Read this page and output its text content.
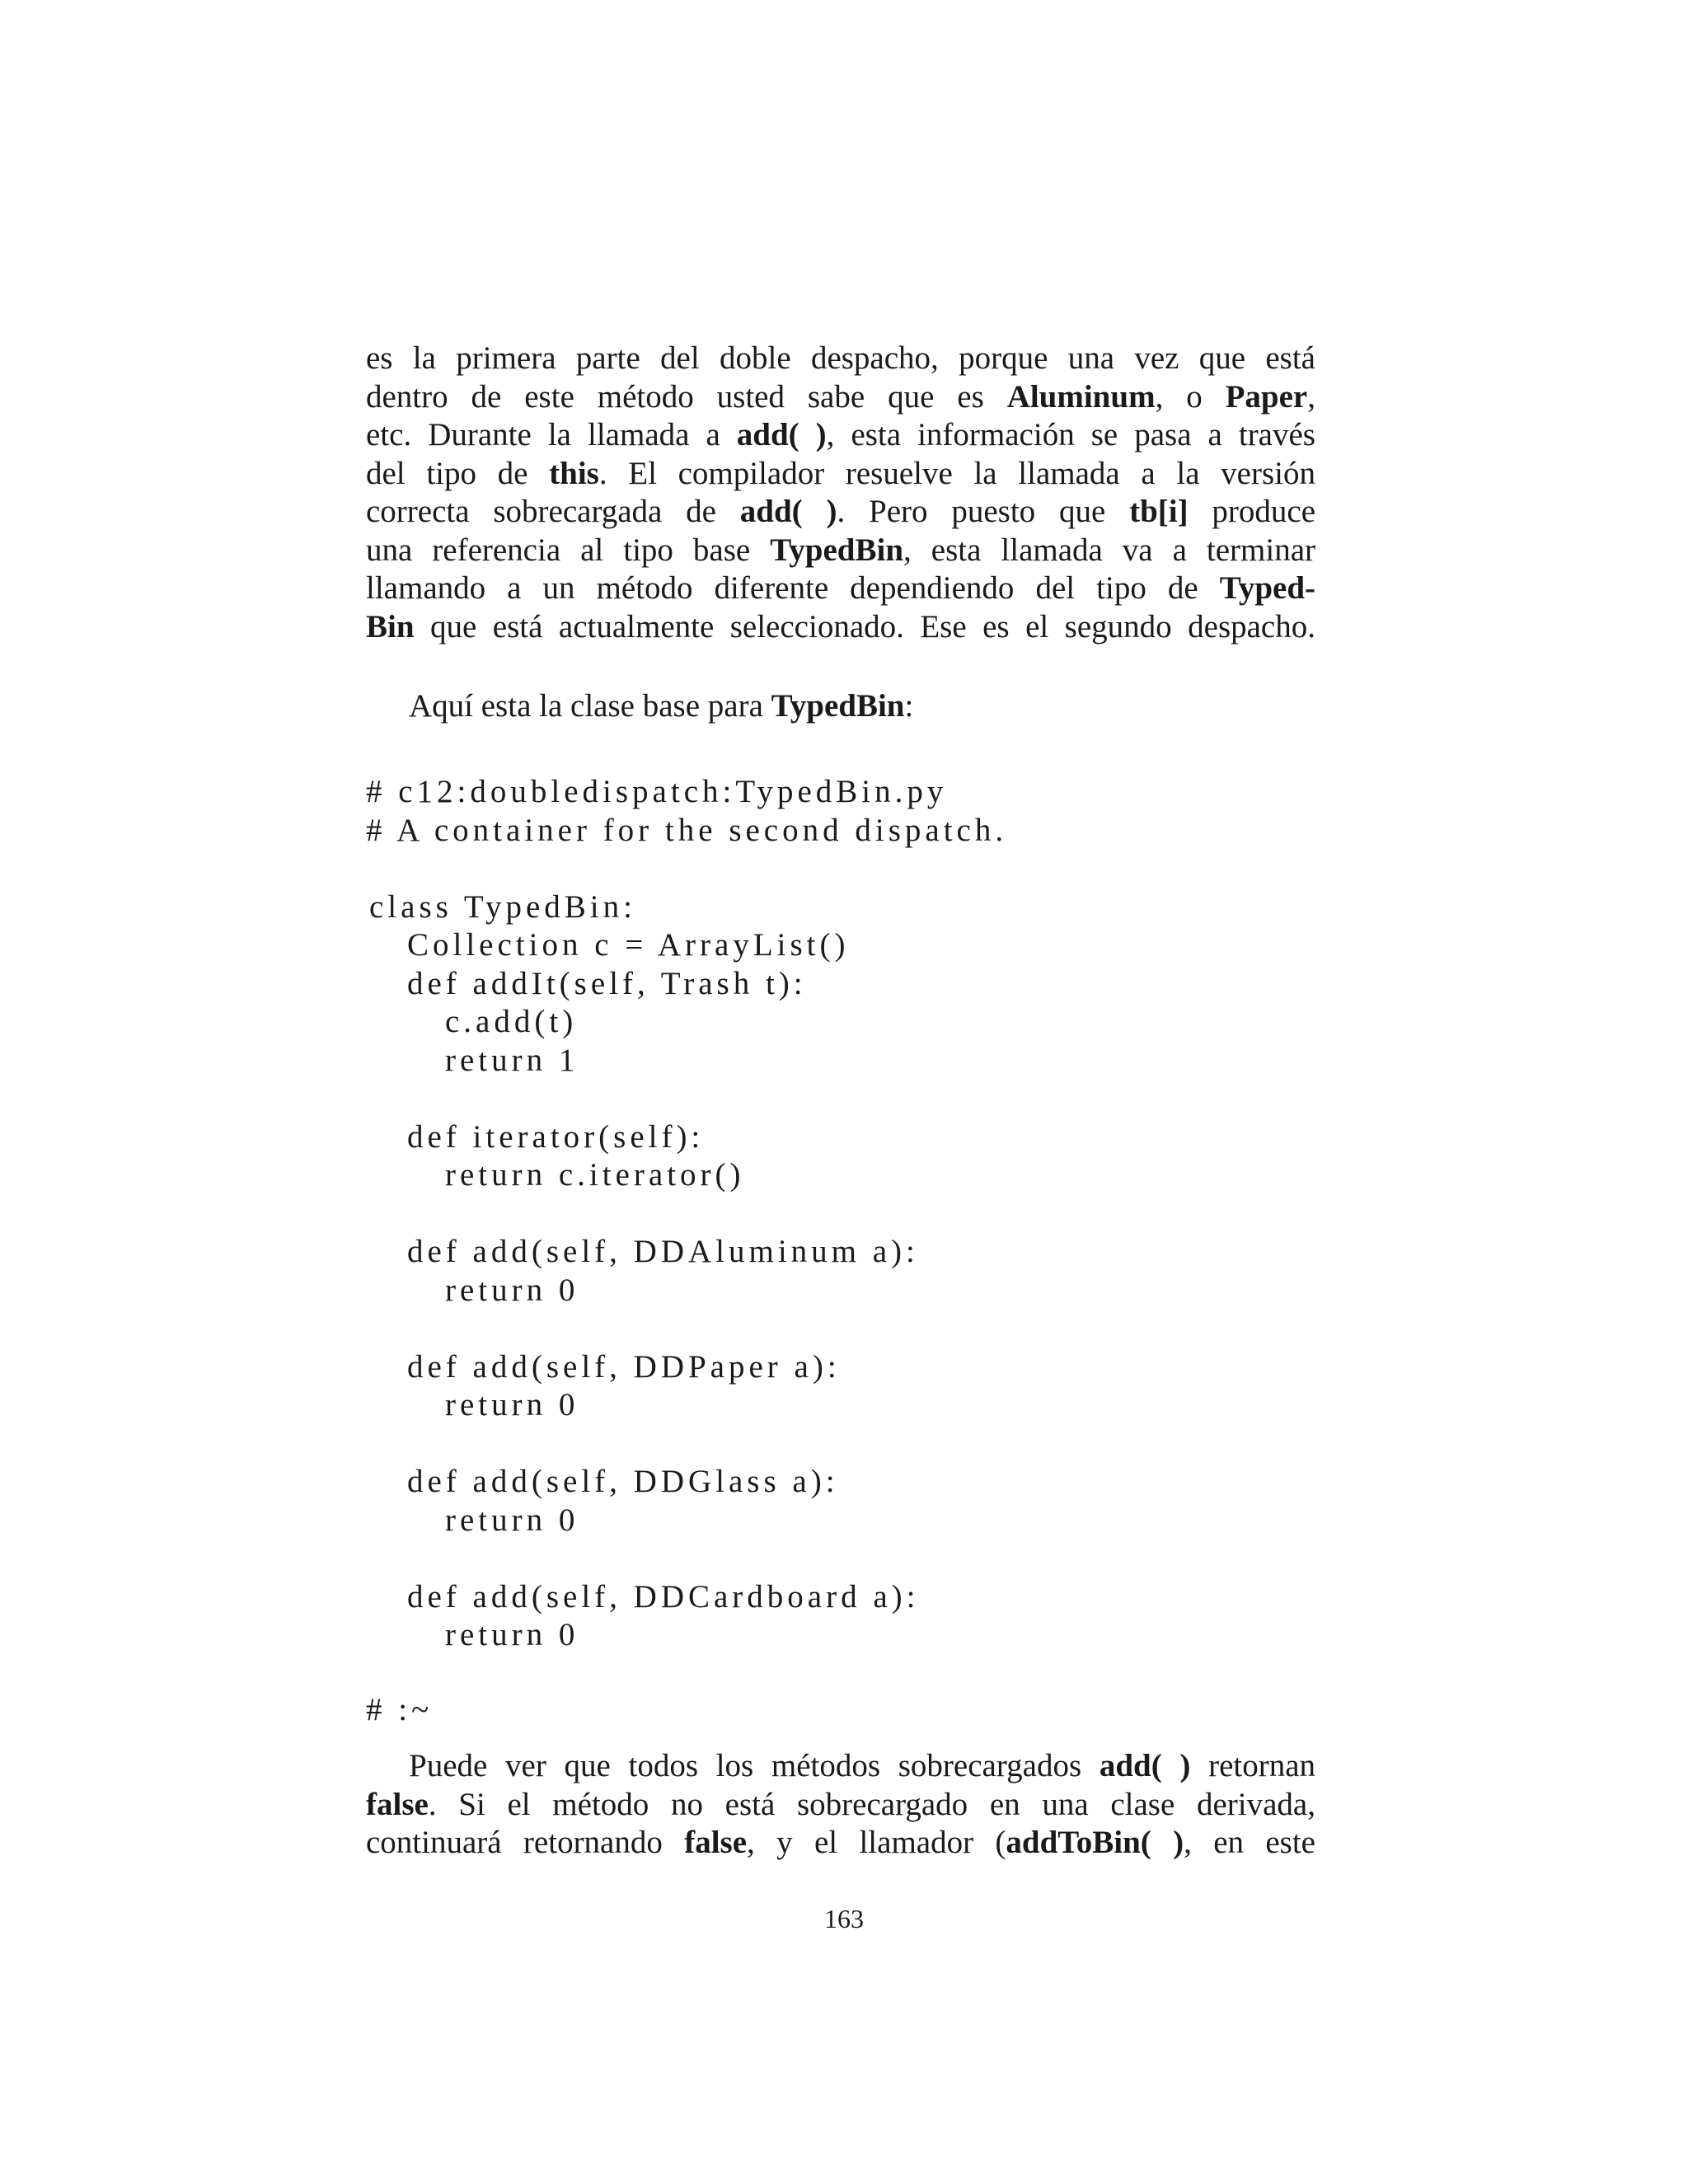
es la primera parte del doble despacho, porque una vez que está
dentro de este método usted sabe que es Aluminum, o Paper,
etc. Durante la llamada a add( ), esta información se pasa a través
del tipo de this. El compilador resuelve la llamada a la versión
correcta sobrecargada de add( ). Pero puesto que tb[i] produce
una referencia al tipo base TypedBin, esta llamada va a terminar
llamando a un método diferente dependiendo del tipo de Typed-
Bin que está actualmente seleccionado. Ese es el segundo despacho.
Aquí esta la clase base para TypedBin:
# c12:doubledispatch:TypedBin.py
# A container for the second dispatch.
class TypedBin:
Collection c = ArrayList()
def addIt(self, Trash t):
c.add(t)
return 1
def iterator(self):
return c.iterator()
def add(self, DDAluminum a):
return 0
def add(self, DDPaper a):
return 0
def add(self, DDGlass a):
return 0
def add(self, DDCardboard a):
return 0
# :~
Puede ver que todos los métodos sobrecargados add( ) retornan
false. Si el método no está sobrecargado en una clase derivada,
continuará retornando false, y el llamador (addToBin( ), en este
163
